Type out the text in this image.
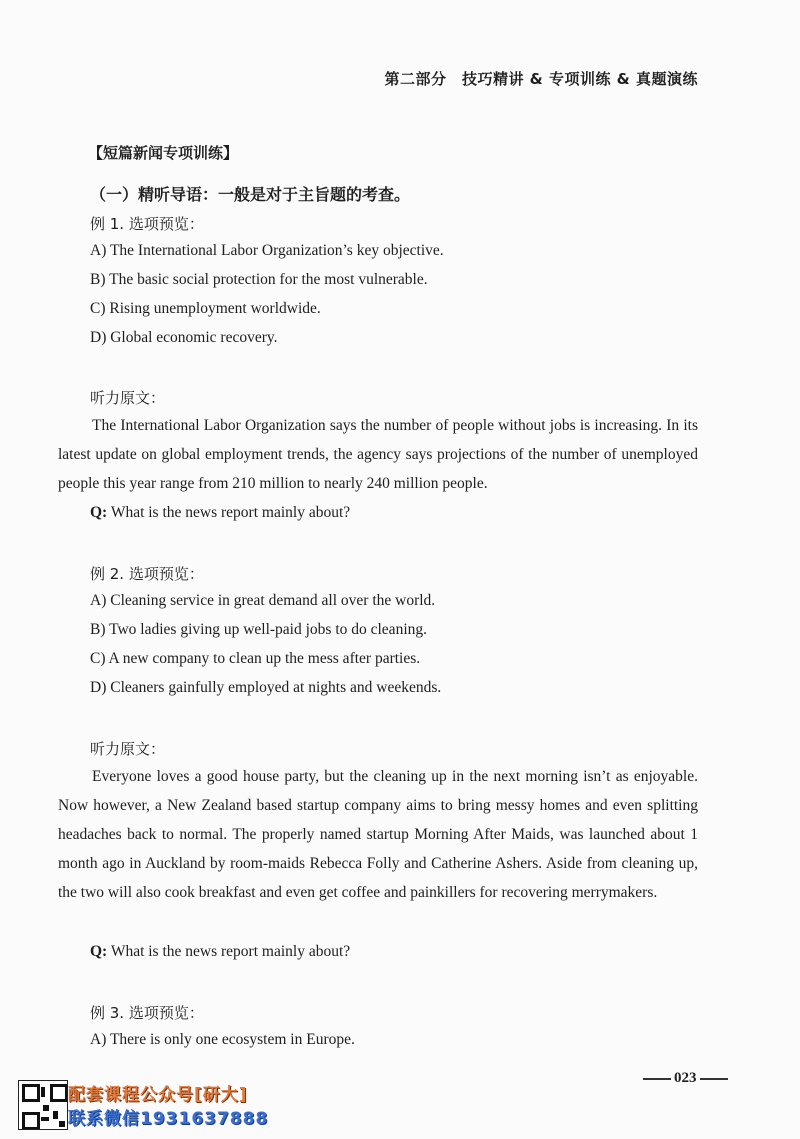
第二部分　技巧精讲 & 专项训练 & 真题演练
【短篇新闻专项训练】
（一）精听导语：一般是对于主旨题的考查。
例 1. 选项预览：
A) The International Labor Organization’s key objective.
B) The basic social protection for the most vulnerable.
C) Rising unemployment worldwide.
D) Global economic recovery.
听力原文：

The International Labor Organization says the number of people without jobs is increasing. In its latest update on global employment trends, the agency says projections of the number of unemployed people this year range from 210 million to nearly 240 million people.

Q: What is the news report mainly about?
例 2. 选项预览：
A) Cleaning service in great demand all over the world.
B) Two ladies giving up well-paid jobs to do cleaning.
C) A new company to clean up the mess after parties.
D) Cleaners gainfully employed at nights and weekends.
听力原文：

Everyone loves a good house party, but the cleaning up in the next morning isn’t as enjoyable. Now however, a New Zealand based startup company aims to bring messy homes and even splitting headaches back to normal. The properly named startup Morning After Maids, was launched about 1 month ago in Auckland by room-maids Rebecca Folly and Catherine Ashers. Aside from cleaning up, the two will also cook breakfast and even get coffee and painkillers for recovering merrymakers.

Q: What is the news report mainly about?
例 3. 选项预览：
A) There is only one ecosystem in Europe.
023
配套课程公众号[研大]
联系微信1931637888
